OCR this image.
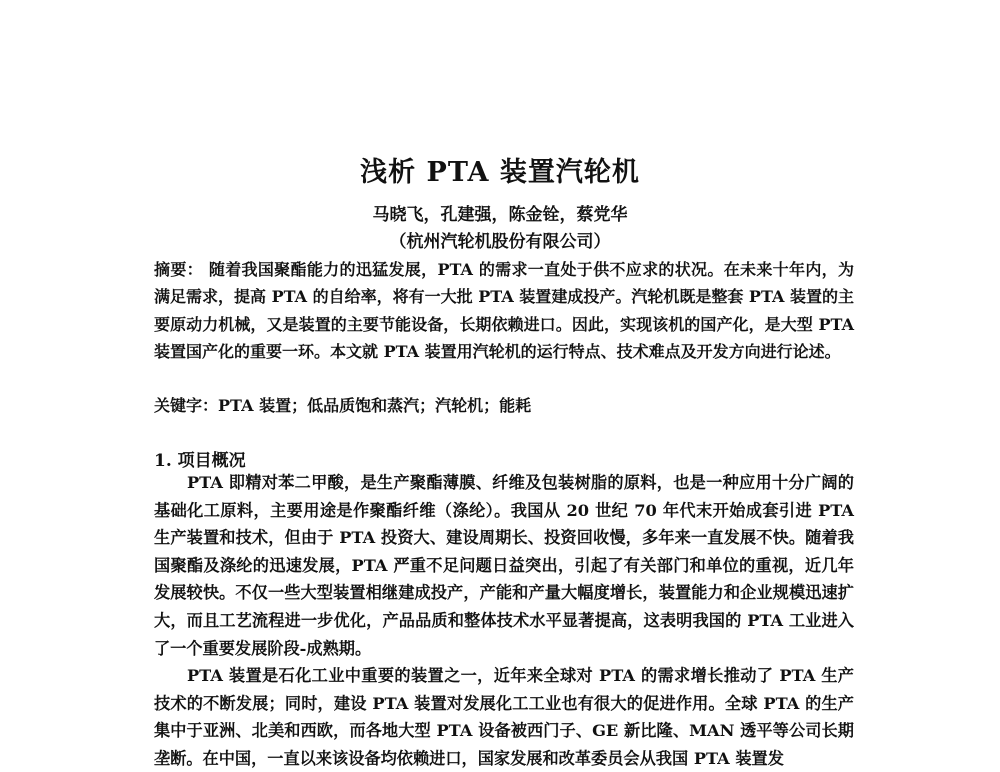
浅析 PTA 装置汽轮机
马晓飞，孔建强，陈金铨，蔡党华
（杭州汽轮机股份有限公司）
摘要： 随着我国聚酯能力的迅猛发展，PTA 的需求一直处于供不应求的状况。在未来十年内，为满足需求，提高 PTA 的自给率，将有一大批 PTA 装置建成投产。汽轮机既是整套 PTA 装置的主要原动力机械，又是装置的主要节能设备，长期依赖进口。因此，实现该机的国产化，是大型 PTA 装置国产化的重要一环。本文就 PTA 装置用汽轮机的运行特点、技术难点及开发方向进行论述。
关键字：PTA 装置；低品质饱和蒸汽；汽轮机；能耗
1. 项目概况
PTA 即精对苯二甲酸，是生产聚酯薄膜、纤维及包装树脂的原料，也是一种应用十分广阔的基础化工原料，主要用途是作聚酯纤维（涤纶）。我国从 20 世纪 70 年代末开始成套引进 PTA 生产装置和技术，但由于 PTA 投资大、建设周期长、投资回收慢，多年来一直发展不快。随着我国聚酯及涤纶的迅速发展，PTA 严重不足问题日益突出，引起了有关部门和单位的重视，近几年发展较快。不仅一些大型装置相继建成投产，产能和产量大幅度增长，装置能力和企业规模迅速扩大，而且工艺流程进一步优化，产品品质和整体技术水平显著提高，这表明我国的 PTA 工业进入了一个重要发展阶段-成熟期。
PTA 装置是石化工业中重要的装置之一，近年来全球对 PTA 的需求增长推动了 PTA 生产技术的不断发展；同时，建设 PTA 装置对发展化工工业也有很大的促进作用。全球 PTA 的生产集中于亚洲、北美和西欧，而各地大型 PTA 设备被西门子、GE 新比隆、MAN 透平等公司长期垄断。在中国，一直以来该设备均依赖进口，国家发展和改革委员会从我国 PTA 装置发
